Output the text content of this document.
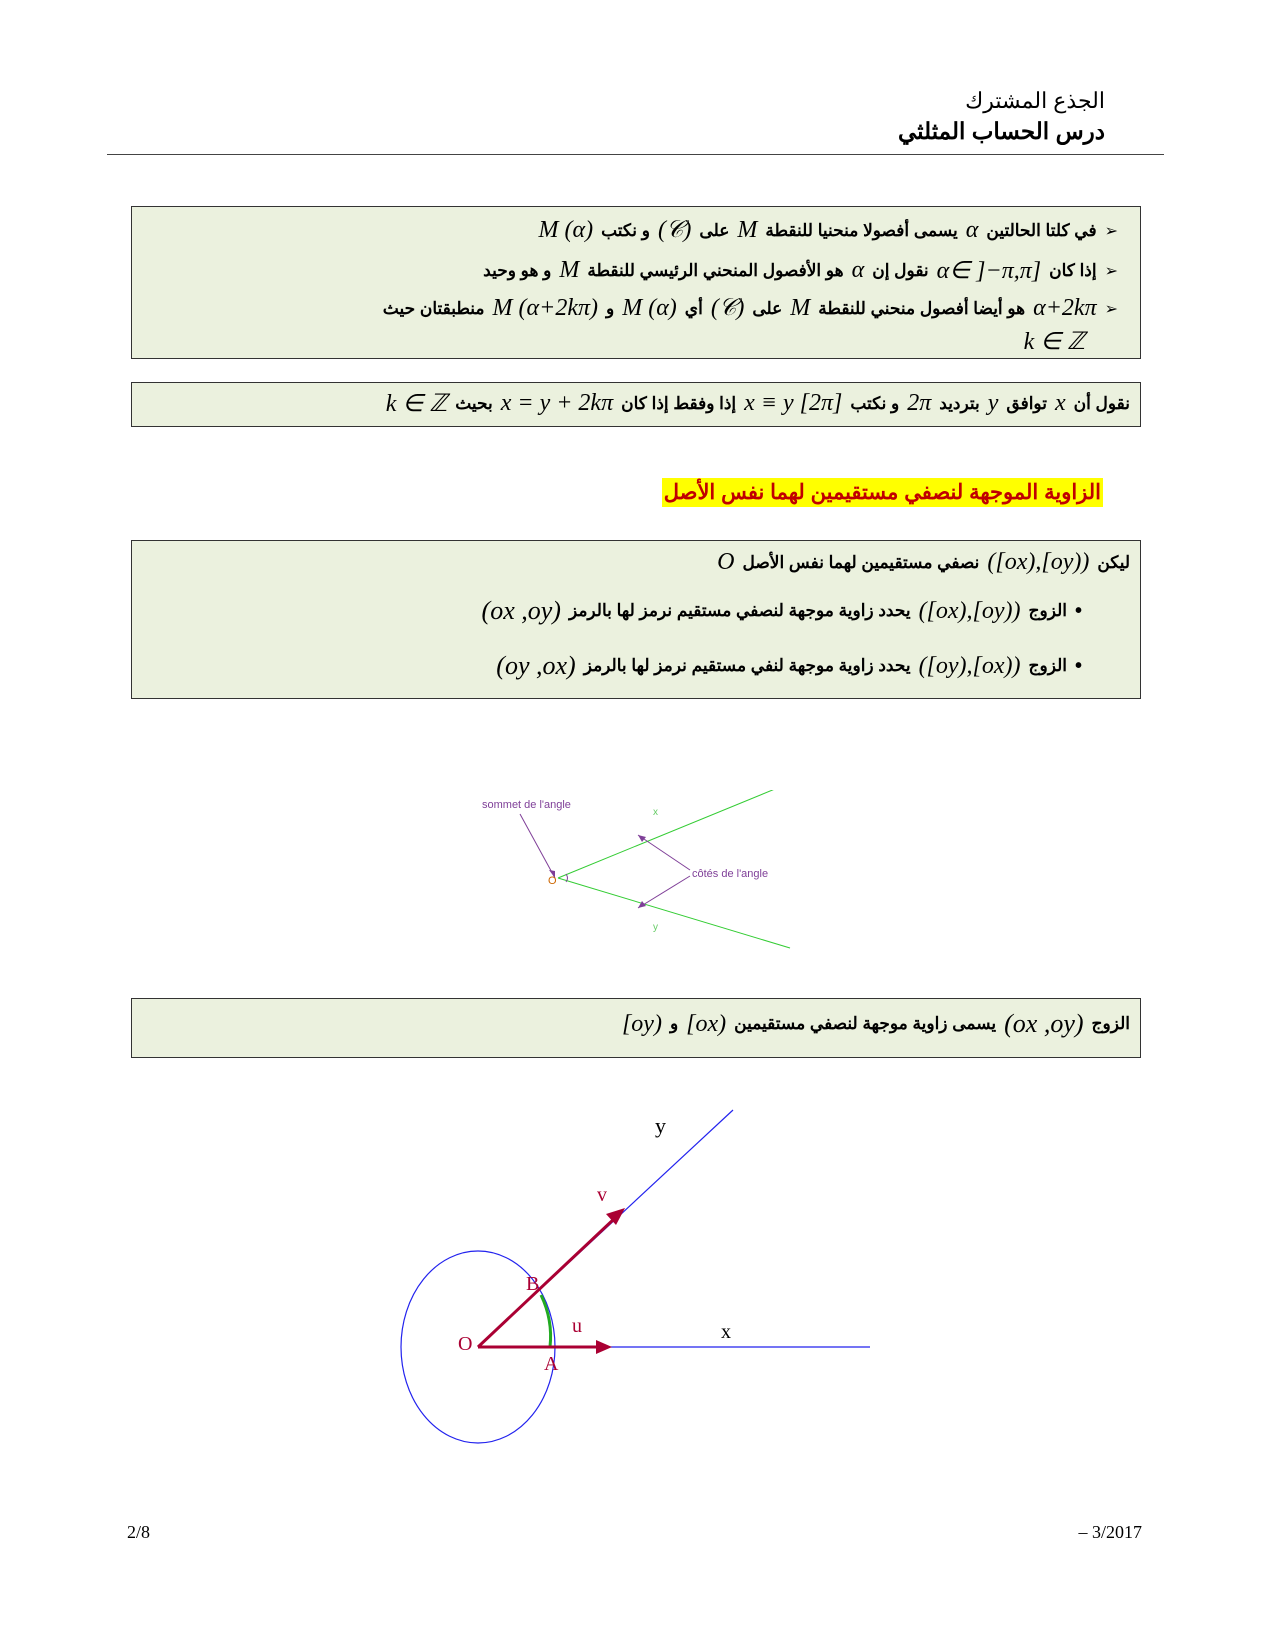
الجذع المشترك
درس الحساب المثلثي
➢
في كلتا الحالتين
α
يسمى أفصولا منحنيا للنقطة
M
على
(𝒞)
و نكتب
M (α)
➢
إذا كان
α∈ ]−π,π]
نقول إن
α
هو الأفصول المنحني الرئيسي للنقطة
M
و هو وحيد
➢
α+2kπ
هو أيضا أفصول منحني للنقطة
M
على
(𝒞)
أي
M (α)
و
M (α+2kπ)
منطبقتان حيث
k ∈ ℤ
نقول أن
x
توافق
y
بترديد
2π
و نكتب
x ≡ y [2π]
إذا وفقط إذا كان
x = y + 2kπ
بحيث
k ∈ ℤ
الزاوية الموجهة لنصفي مستقيمين لهما نفس الأصل
ليكن
([ox),[oy))
نصفي مستقيمين لهما نفس الأصل
O
•
الزوج
([ox),[oy))
يحدد زاوية موجهة لنصفي مستقيم نرمز لها بالرمز
(ox ,oy)
•
الزوج
([oy),[ox))
يحدد زاوية موجهة لنفي مستقيم نرمز لها بالرمز
(oy ,ox)
sommet de l'angle
O
x
y
côtés de l'angle
الزوج
(ox ,oy)
يسمى زاوية موجهة لنصفي مستقيمين
[ox)
و
[oy)
O
A
B
u
v
x
y
2/8	– 3/2017
